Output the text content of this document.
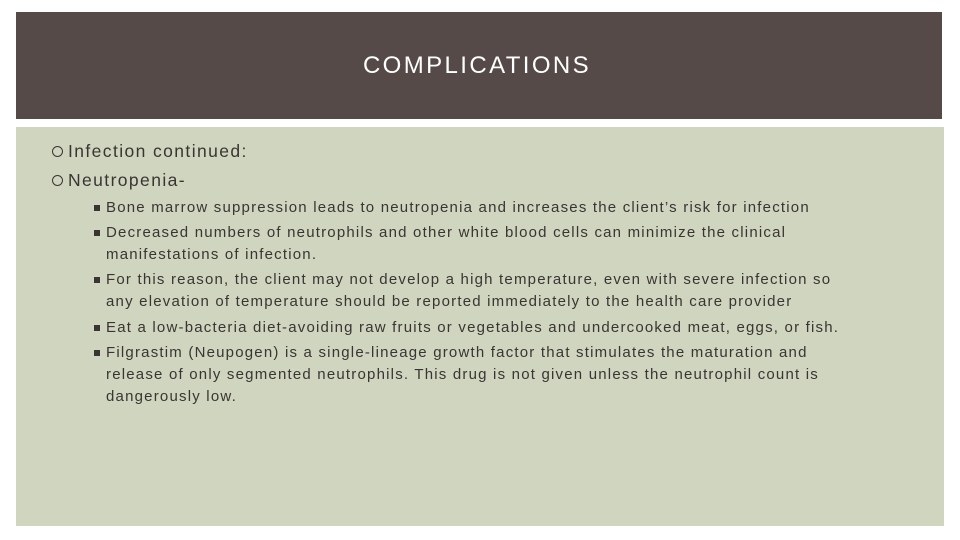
COMPLICATIONS
Infection continued:
Neutropenia-
Bone marrow suppression leads to neutropenia and increases the client’s risk for infection
Decreased numbers of neutrophils and other white blood cells can minimize the clinical
manifestations of infection.
For this reason, the client may not develop a high temperature, even with severe infection so
any elevation of temperature should be reported immediately to the health care provider
Eat a low-bacteria diet-avoiding raw fruits or vegetables and undercooked meat, eggs, or fish.
Filgrastim (Neupogen) is a single-lineage growth factor that stimulates the maturation and
release of only segmented neutrophils. This drug is not given unless the neutrophil count is
dangerously low.
